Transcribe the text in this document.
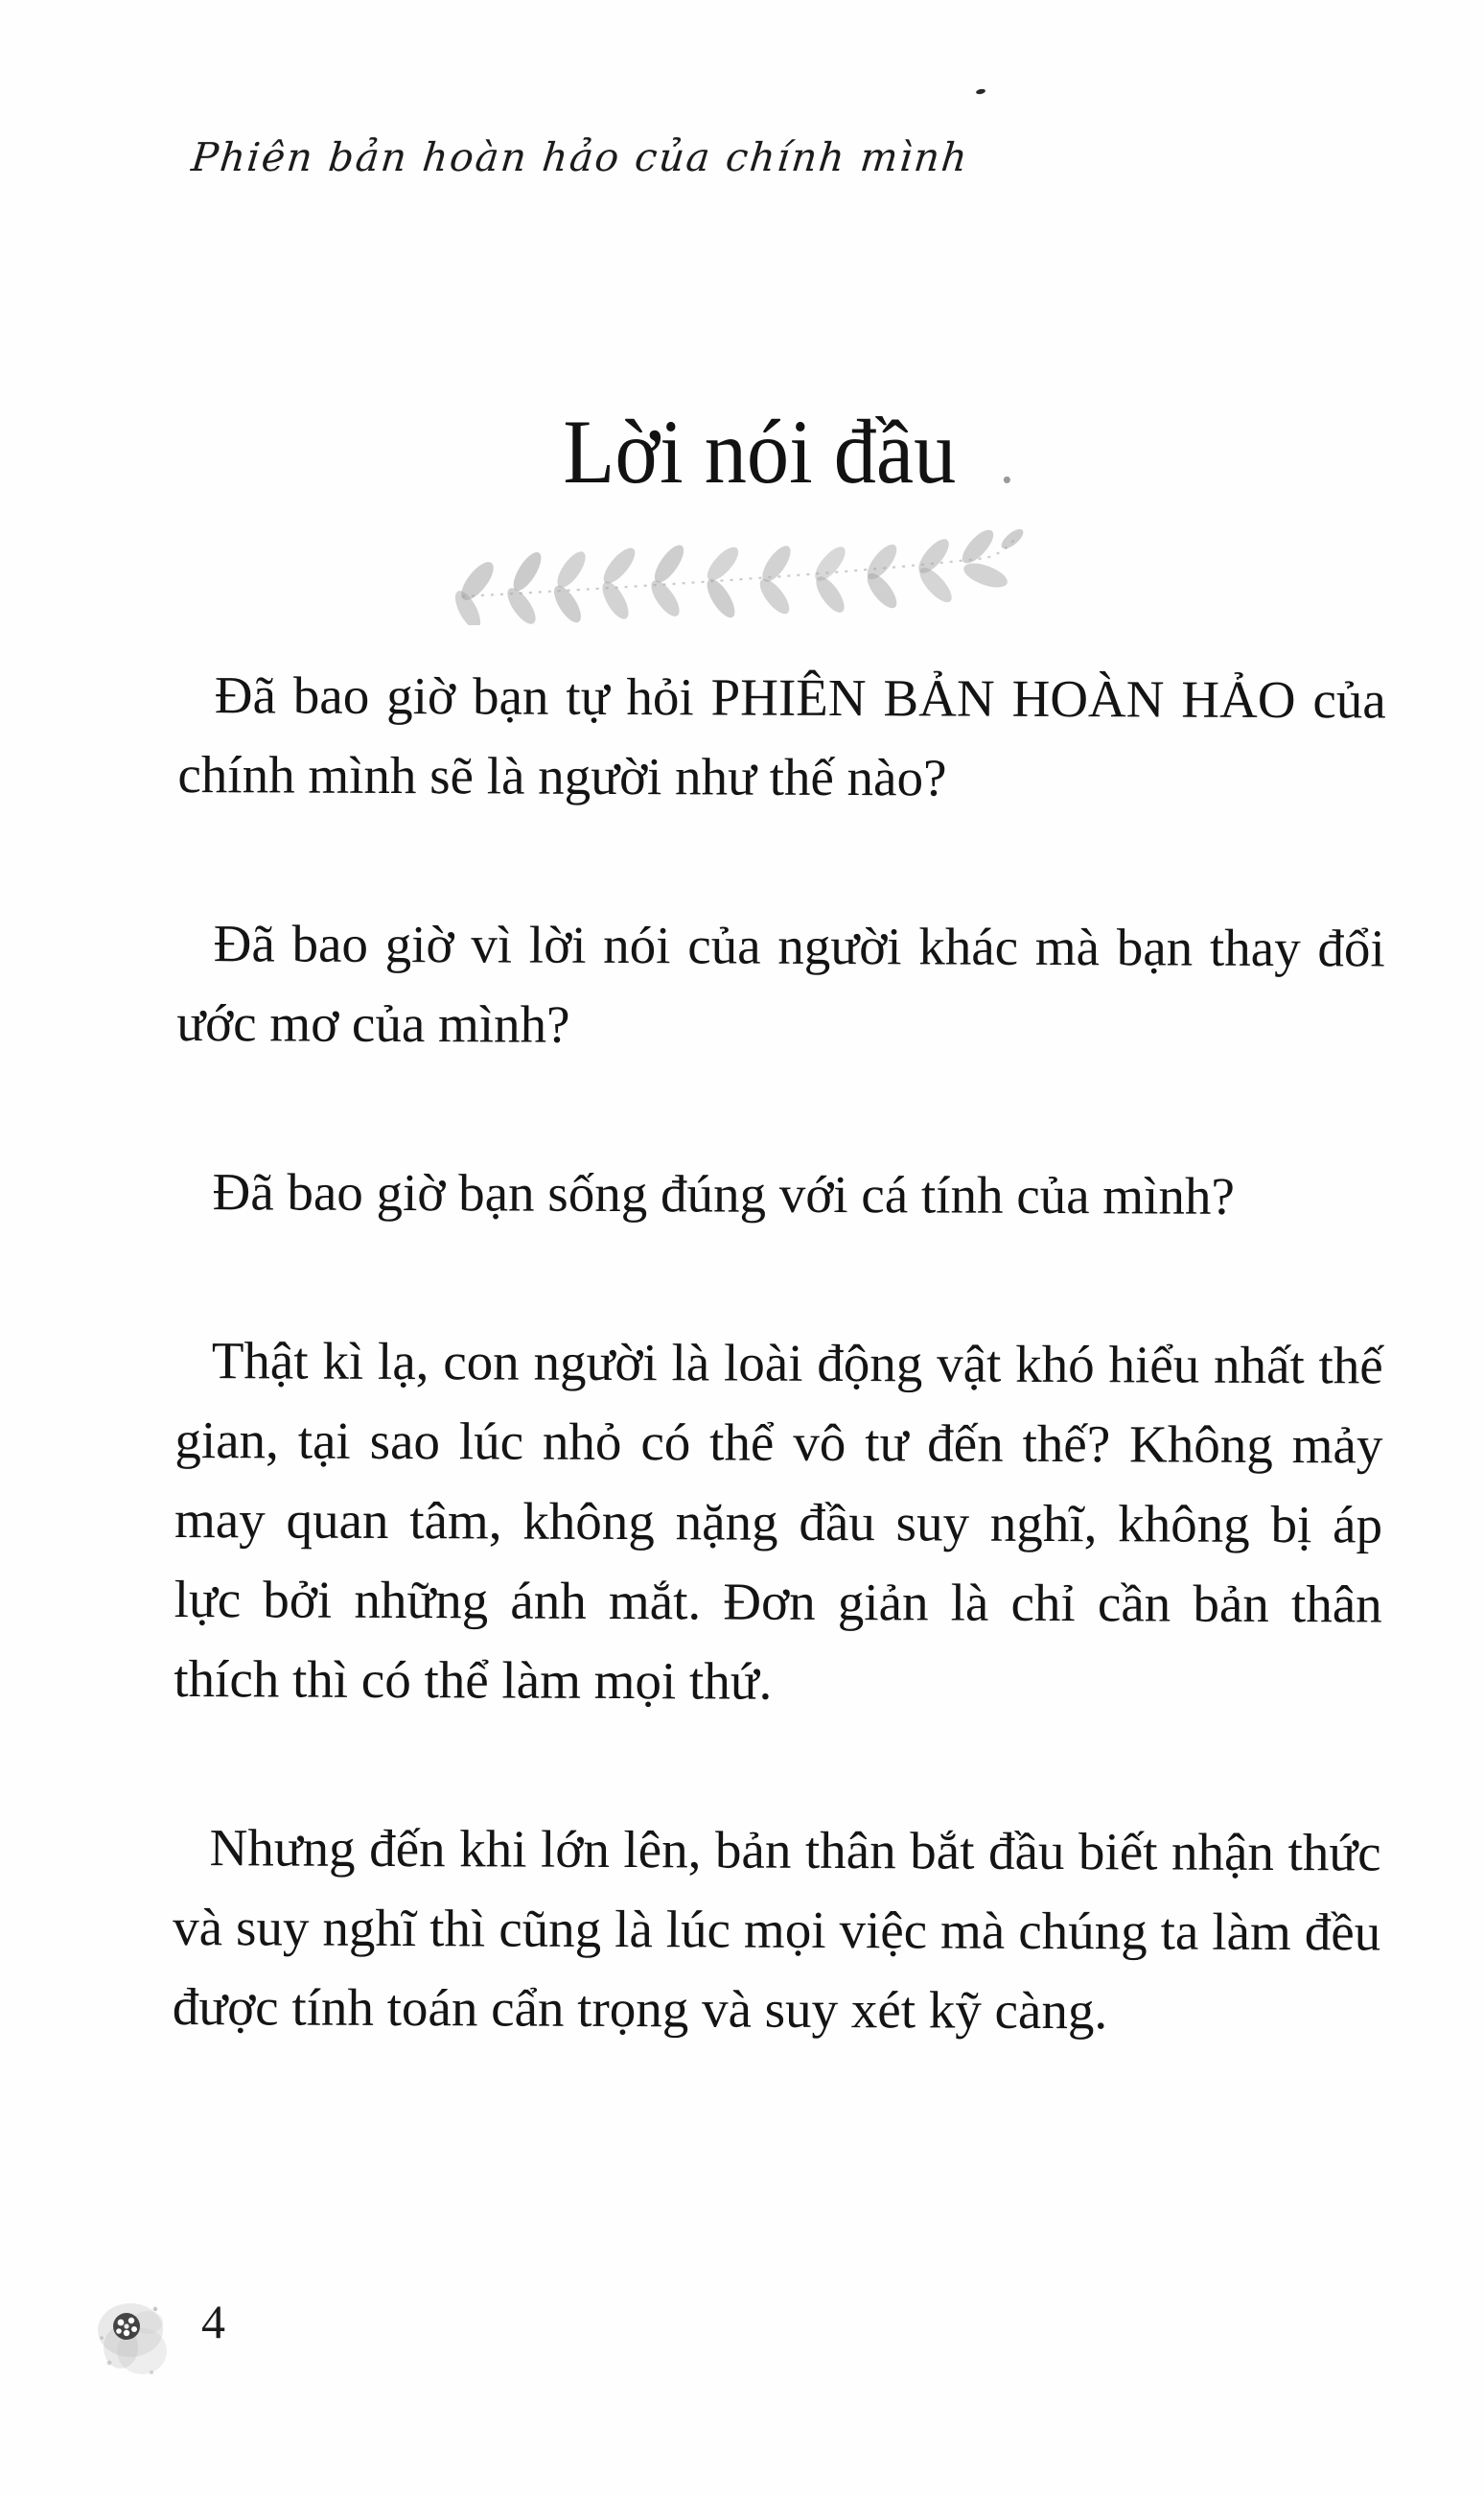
Phiên bản hoàn hảo của chính mình
Lời nói đầu .

Đã bao giờ bạn tự hỏi PHIÊN BẢN HOÀN HẢO của chính mình sẽ là người như thế nào?

Đã bao giờ vì lời nói của người khác mà bạn thay đổi ước mơ của mình?

Đã bao giờ bạn sống đúng với cá tính của mình?

Thật kì lạ, con người là loài động vật khó hiểu nhất thế gian, tại sao lúc nhỏ có thể vô tư đến thế? Không mảy may quan tâm, không nặng đầu suy nghĩ, không bị áp lực bởi những ánh mắt. Đơn giản là chỉ cần bản thân thích thì có thể làm mọi thứ.

Nhưng đến khi lớn lên, bản thân bắt đầu biết nhận thức và suy nghĩ thì cũng là lúc mọi việc mà chúng ta làm đều được tính toán cẩn trọng và suy xét kỹ càng.

4
